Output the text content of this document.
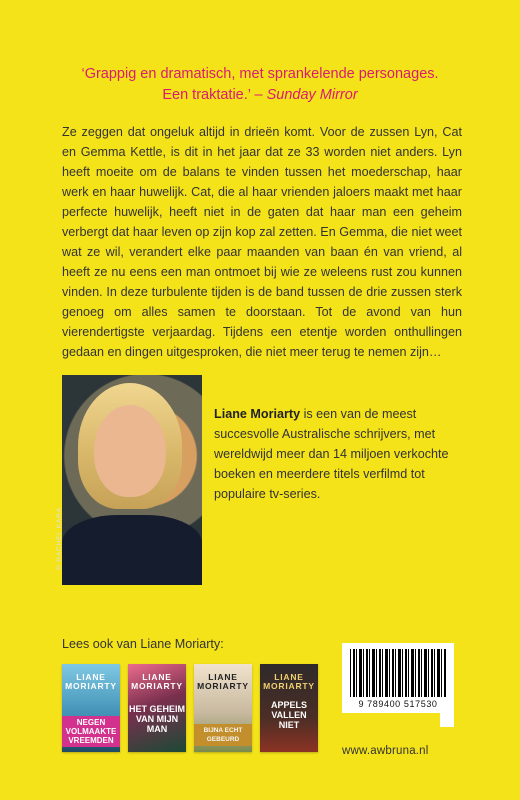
‘Grappig en dramatisch, met sprankelende personages.
Een traktatie.’ – Sunday Mirror
Ze zeggen dat ongeluk altijd in drieën komt. Voor de zussen Lyn, Cat en Gemma Kettle, is dit in het jaar dat ze 33 worden niet anders. Lyn heeft moeite om de balans te vinden tussen het moederschap, haar werk en haar huwelijk. Cat, die al haar vrienden jaloers maakt met haar perfecte huwelijk, heeft niet in de gaten dat haar man een geheim verbergt dat haar leven op zijn kop zal zetten. En Gemma, die niet weet wat ze wil, verandert elke paar maanden van baan én van vriend, al heeft ze nu eens een man ontmoet bij wie ze weleens rust zou kunnen vinden. In deze turbulente tijden is de band tussen de drie zussen sterk genoeg om alles samen te doorstaan. Tot de avond van hun vierendertigste verjaardag. Tijdens een etentje worden onthullingen gedaan en dingen uitgesproken, die niet meer terug te nemen zijn…
© RACHEL KARA
Liane Moriarty is een van de meest succesvolle Australische schrijvers, met wereldwijd meer dan 14 miljoen verkochte boeken en meerdere titels verfilmd tot populaire tv-series.
Lees ook van Liane Moriarty:
LIANE MORIARTY
NEGEN VOLMAAKTE VREEMDEN
LIANE MORIARTY
HET GEHEIM VAN MIJN MAN
LIANE MORIARTY
BIJNA ECHT GEBEURD
LIANE MORIARTY
APPELS VALLEN NIET
9 789400 517530
www.awbruna.nl
